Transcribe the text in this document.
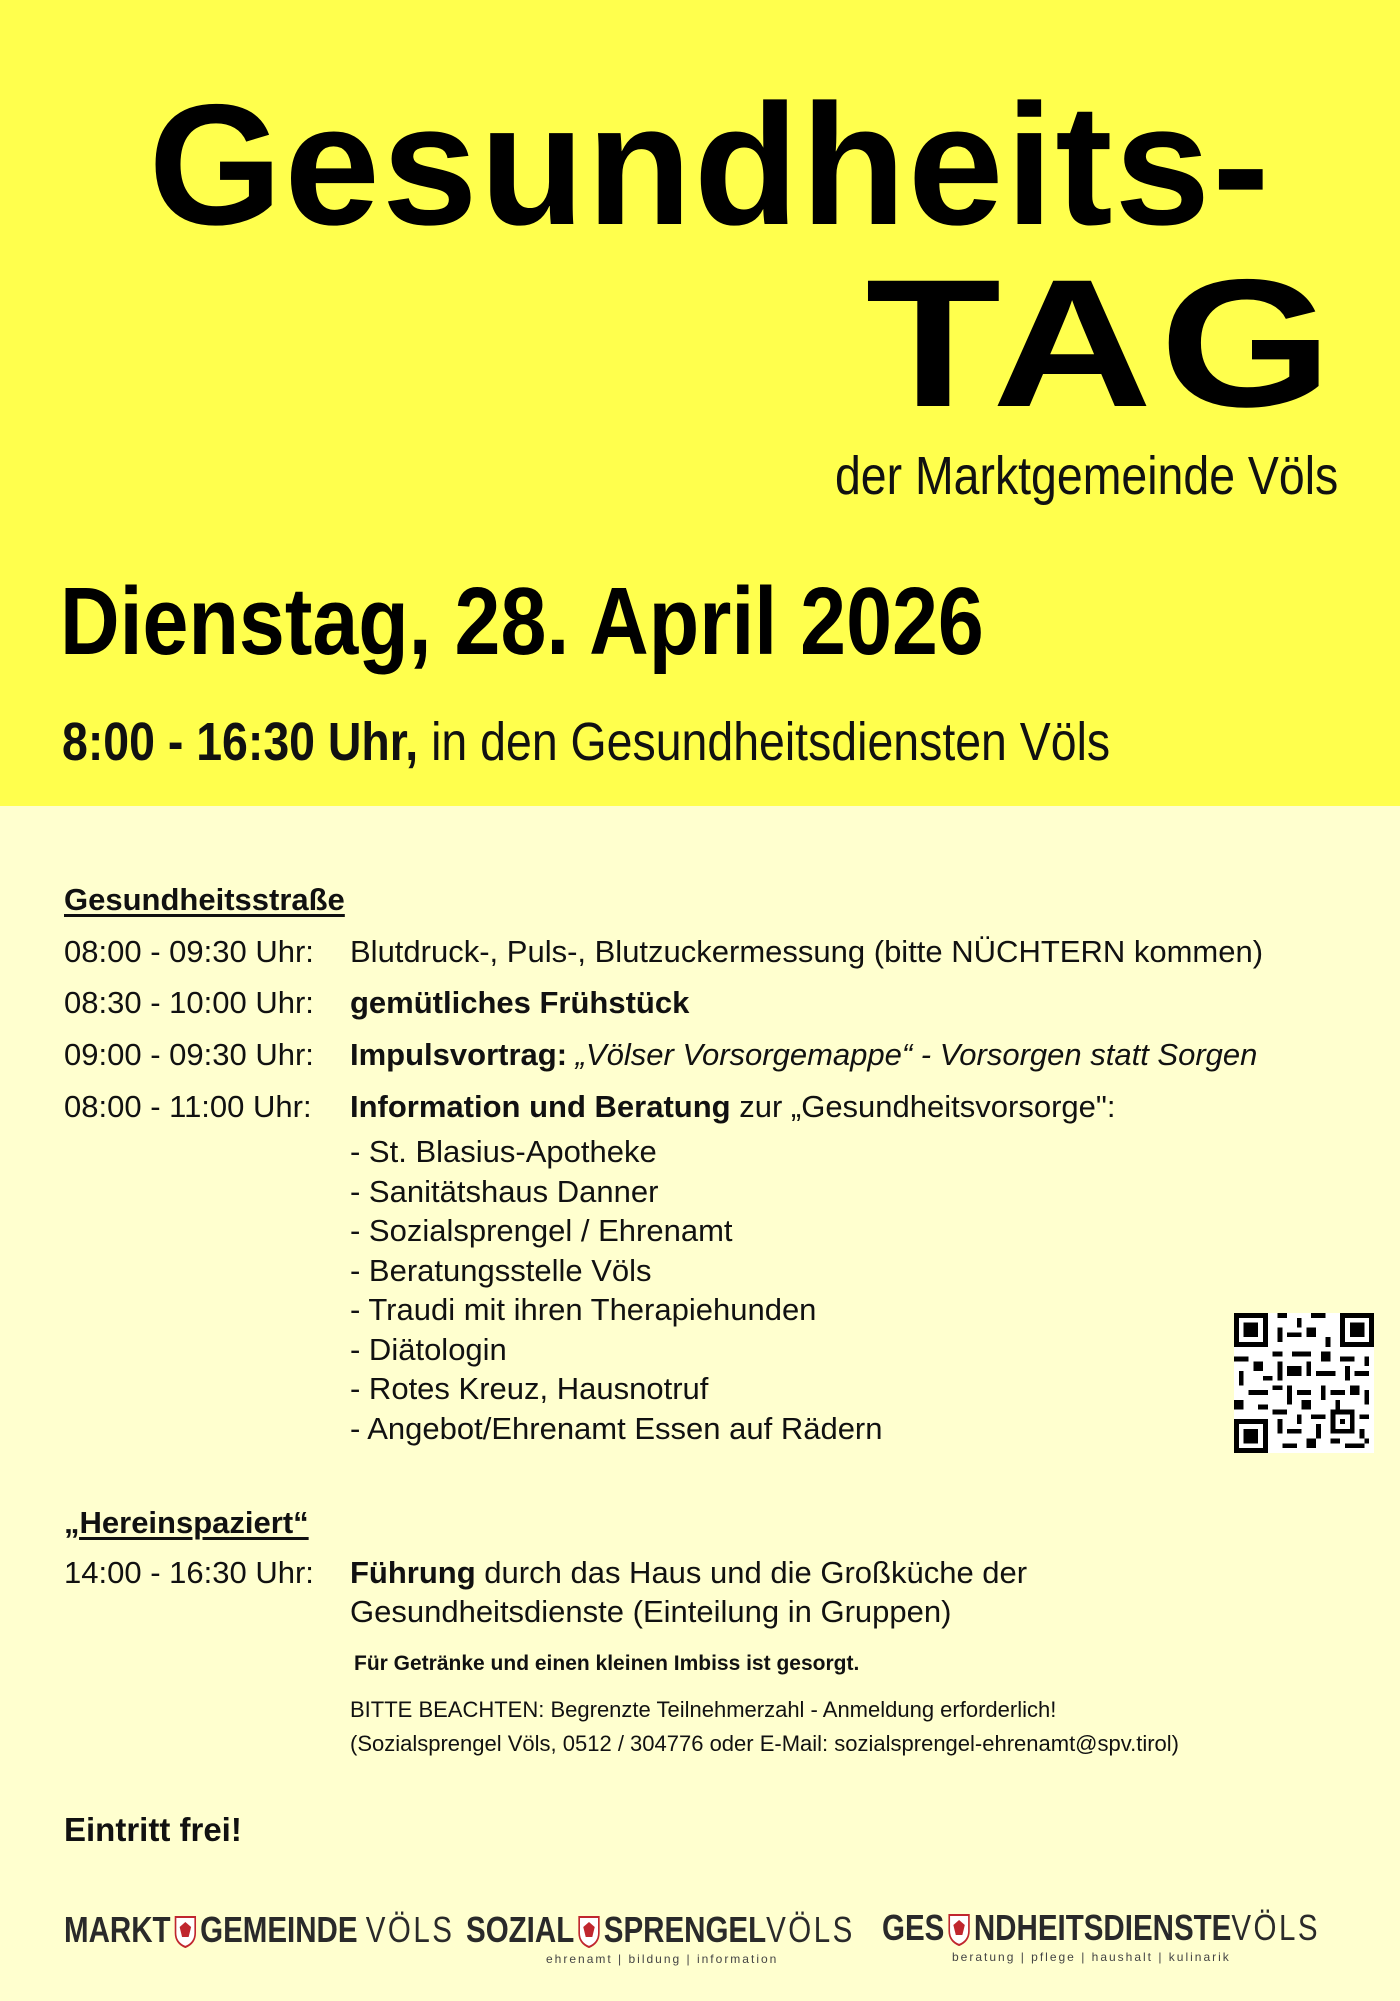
Gesundheits-
TAG
der Marktgemeinde Völs
Dienstag, 28. April 2026
8:00 - 16:30 Uhr, in den Gesundheitsdiensten Völs
Gesundheitsstraße
08:00 - 09:30 Uhr: Blutdruck-, Puls-, Blutzuckermessung (bitte NÜCHTERN kommen)
08:30 - 10:00 Uhr: gemütliches Frühstück
09:00 - 09:30 Uhr: Impulsvortrag: „Völser Vorsorgemappe“ - Vorsorgen statt Sorgen
08:00 - 11:00 Uhr: Information und Beratung zur „Gesundheitsvorsorge":
- St. Blasius-Apotheke
- Sanitätshaus Danner
- Sozialsprengel / Ehrenamt
- Beratungsstelle Völs
- Traudi mit ihren Therapiehunden
- Diätologin
- Rotes Kreuz, Hausnotruf
- Angebot/Ehrenamt Essen auf Rädern
„Hereinspaziert“
14:00 - 16:30 Uhr: Führung durch das Haus und die Großküche der
Gesundheitsdienste (Einteilung in Gruppen)
Für Getränke und einen kleinen Imbiss ist gesorgt.
BITTE BEACHTEN: Begrenzte Teilnehmerzahl - Anmeldung erforderlich!
(Sozialsprengel Völs, 0512 / 304776 oder E-Mail: sozialsprengel-ehrenamt@spv.tirol)
Eintritt frei!
MARKT GEMEINDE VÖLS SOZIAL SPRENGELVÖLS
ehrenamt | bildung | information
GES NDHEITSDIENSTEVÖLS
beratung | pflege | haushalt | kulinarik
